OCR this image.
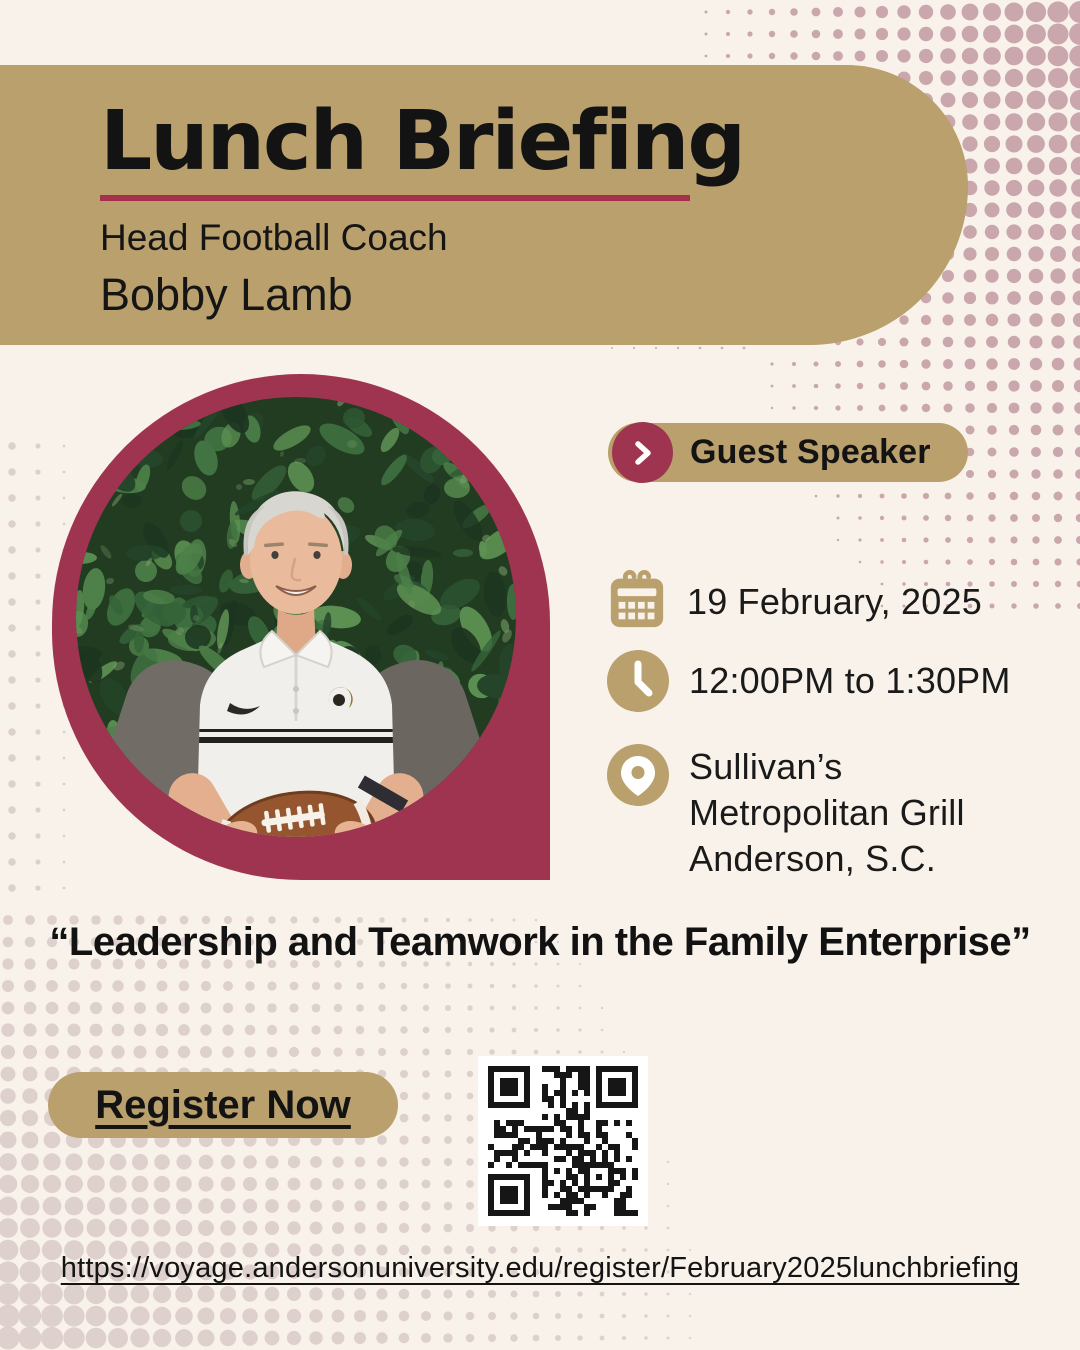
Lunch Briefing
Head Football Coach
Bobby Lamb
Guest Speaker
19 February, 2025
12:00PM to 1:30PM
Sullivan’s
Metropolitan Grill
Anderson, S.C.
“Leadership and Teamwork in the Family Enterprise”
Register Now
https://voyage.andersonuniversity.edu/register/February2025lunchbriefing
